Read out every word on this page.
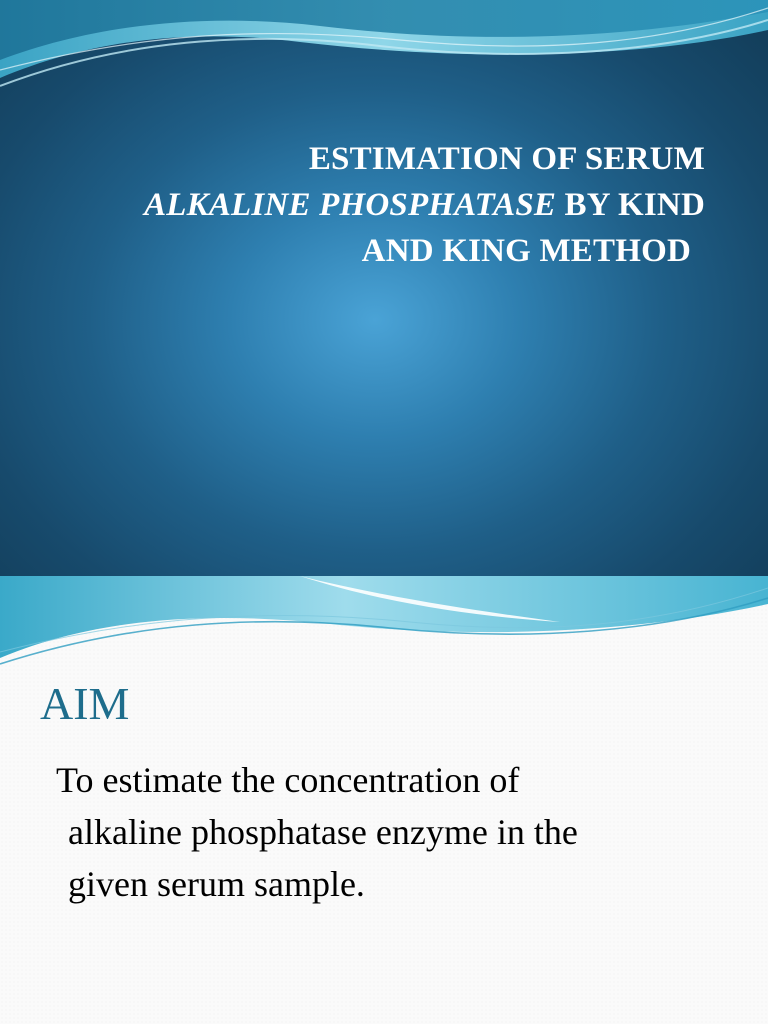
ESTIMATION OF SERUM
ALKALINE PHOSPHATASE BY KIND
AND KING METHOD
AIM

To estimate the concentration of
alkaline phosphatase enzyme in the
given serum sample.
